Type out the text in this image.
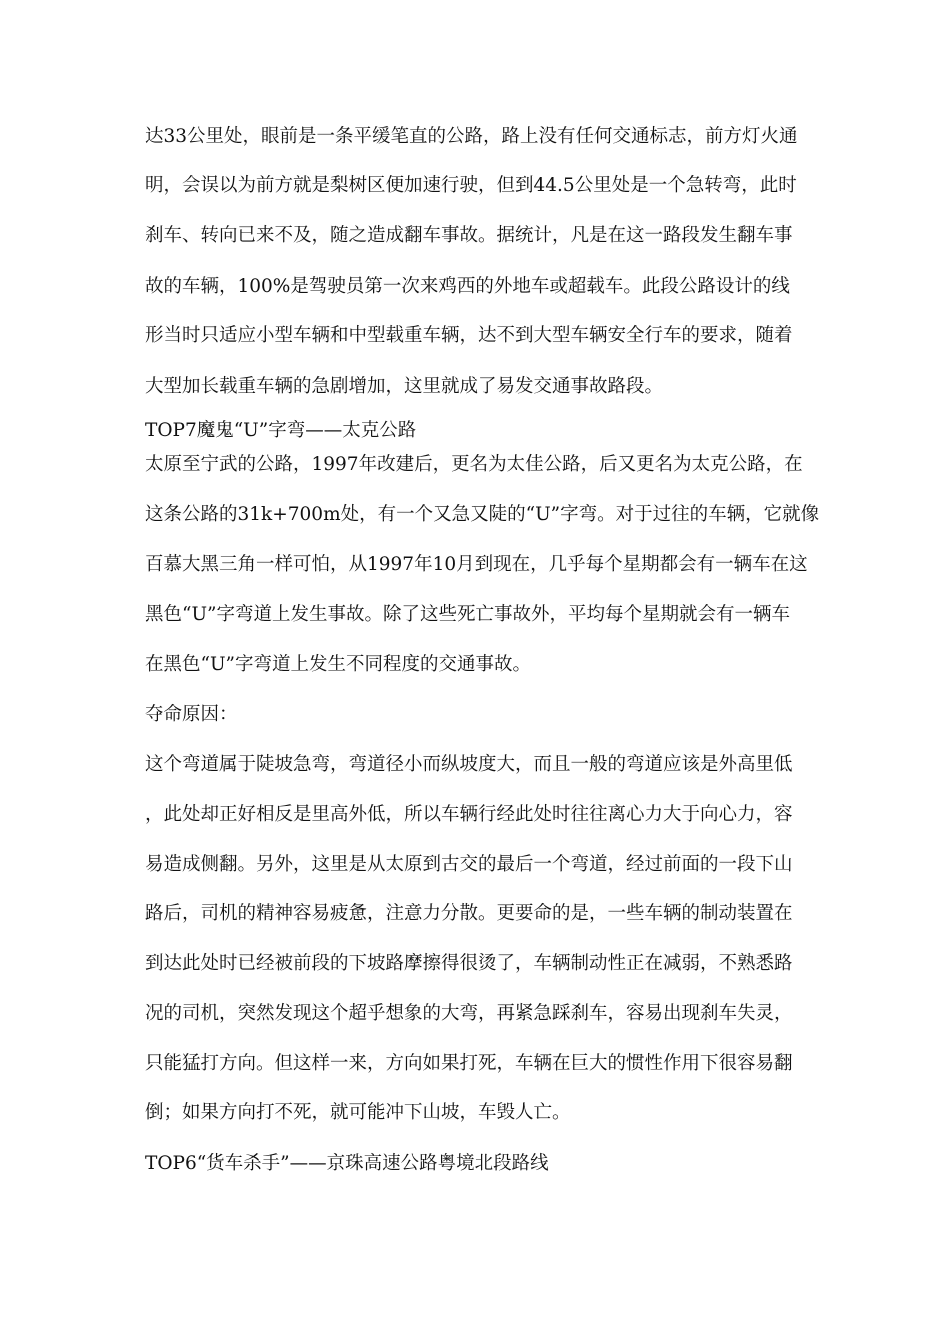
达33公里处，眼前是一条平缓笔直的公路，路上没有任何交通标志，前方灯火通
明，会误以为前方就是梨树区便加速行驶，但到44.5公里处是一个急转弯，此时
刹车、转向已来不及，随之造成翻车事故。据统计，凡是在这一路段发生翻车事
故的车辆，100%是驾驶员第一次来鸡西的外地车或超载车。此段公路设计的线
形当时只适应小型车辆和中型载重车辆，达不到大型车辆安全行车的要求，随着
大型加长载重车辆的急剧增加，这里就成了易发交通事故路段。
TOP7魔鬼“U”字弯——太克公路
太原至宁武的公路，1997年改建后，更名为太佳公路，后又更名为太克公路，在
这条公路的31k+700m处，有一个又急又陡的“U”字弯。对于过往的车辆，它就像
百慕大黑三角一样可怕，从1997年10月到现在，几乎每个星期都会有一辆车在这
黑色“U”字弯道上发生事故。除了这些死亡事故外，平均每个星期就会有一辆车
在黑色“U”字弯道上发生不同程度的交通事故。
夺命原因：
这个弯道属于陡坡急弯，弯道径小而纵坡度大，而且一般的弯道应该是外高里低
，此处却正好相反是里高外低，所以车辆行经此处时往往离心力大于向心力，容
易造成侧翻。另外，这里是从太原到古交的最后一个弯道，经过前面的一段下山
路后，司机的精神容易疲惫，注意力分散。更要命的是，一些车辆的制动装置在
到达此处时已经被前段的下坡路摩擦得很烫了，车辆制动性正在减弱，不熟悉路
况的司机，突然发现这个超乎想象的大弯，再紧急踩刹车，容易出现刹车失灵，
只能猛打方向。但这样一来，方向如果打死，车辆在巨大的惯性作用下很容易翻
倒；如果方向打不死，就可能冲下山坡，车毁人亡。
TOP6“货车杀手”——京珠高速公路粤境北段路线
